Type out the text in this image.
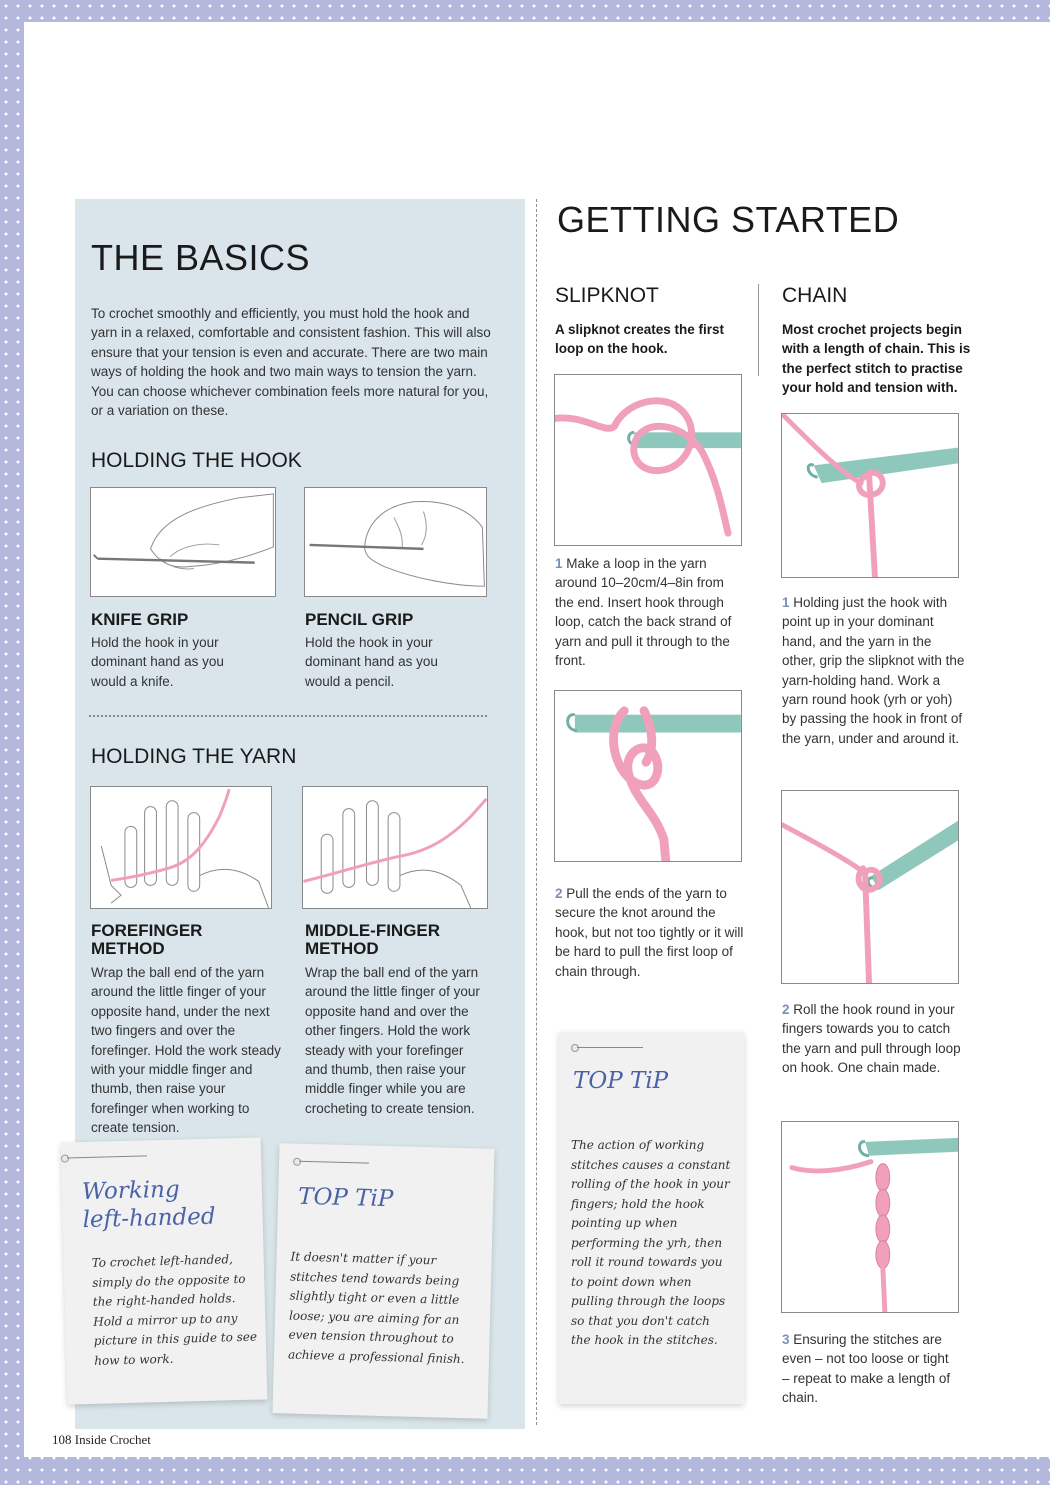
THE BASICS

To crochet smoothly and efficiently, you must hold the hook and yarn in a relaxed, comfortable and consistent fashion. This will also ensure that your tension is even and accurate. There are two main ways of holding the hook and two main ways to tension the yarn. You can choose whichever combination feels more natural for you, or a variation on these.

HOLDING THE HOOK
KNIFE GRIP

Hold the hook in your dominant hand as you would a knife.

PENCIL GRIP

Hold the hook in your dominant hand as you would a pencil.

HOLDING THE YARN
FOREFINGER
METHOD

Wrap the ball end of the yarn around the little finger of your opposite hand, under the next two fingers and over the forefinger. Hold the work steady with your middle finger and thumb, then raise your forefinger when working to create tension.

MIDDLE-FINGER
METHOD

Wrap the ball end of the yarn around the little finger of your opposite hand and over the other fingers. Hold the work steady with your forefinger and thumb, then raise your middle finger while you are crocheting to create tension.

Working
left-handed
To crochet left-handed, simply do the opposite to the right-handed holds. Hold a mirror up to any picture in this guide to see how to work.
TOP TiP
It doesn't matter if your stitches tend towards being slightly tight or even a little loose; you are aiming for an even tension throughout to achieve a professional finish.
GETTING STARTED
SLIPKNOT

A slipknot creates the first loop on the hook.

1 Make a loop in the yarn around 10–20cm/4–8in from the end. Insert hook through loop, catch the back strand of yarn and pull it through to the front.

2 Pull the ends of the yarn to secure the knot around the hook, but not too tightly or it will be hard to pull the first loop of chain through.

TOP TiP
The action of working stitches causes a constant rolling of the hook in your fingers; hold the hook pointing up when performing the yrh, then roll it round towards you to point down when pulling through the loops so that you don't catch the hook in the stitches.
CHAIN

Most crochet projects begin with a length of chain. This is the perfect stitch to practise your hold and tension with.

1 Holding just the hook with point up in your dominant hand, and the yarn in the other, grip the slipknot with the yarn-holding hand. Work a yarn round hook (yrh or yoh) by passing the hook in front of the yarn, under and around it.

2 Roll the hook round in your fingers towards you to catch the yarn and pull through loop on hook. One chain made.

3 Ensuring the stitches are even – not too loose or tight – repeat to make a length of chain.

108 Inside Crochet
